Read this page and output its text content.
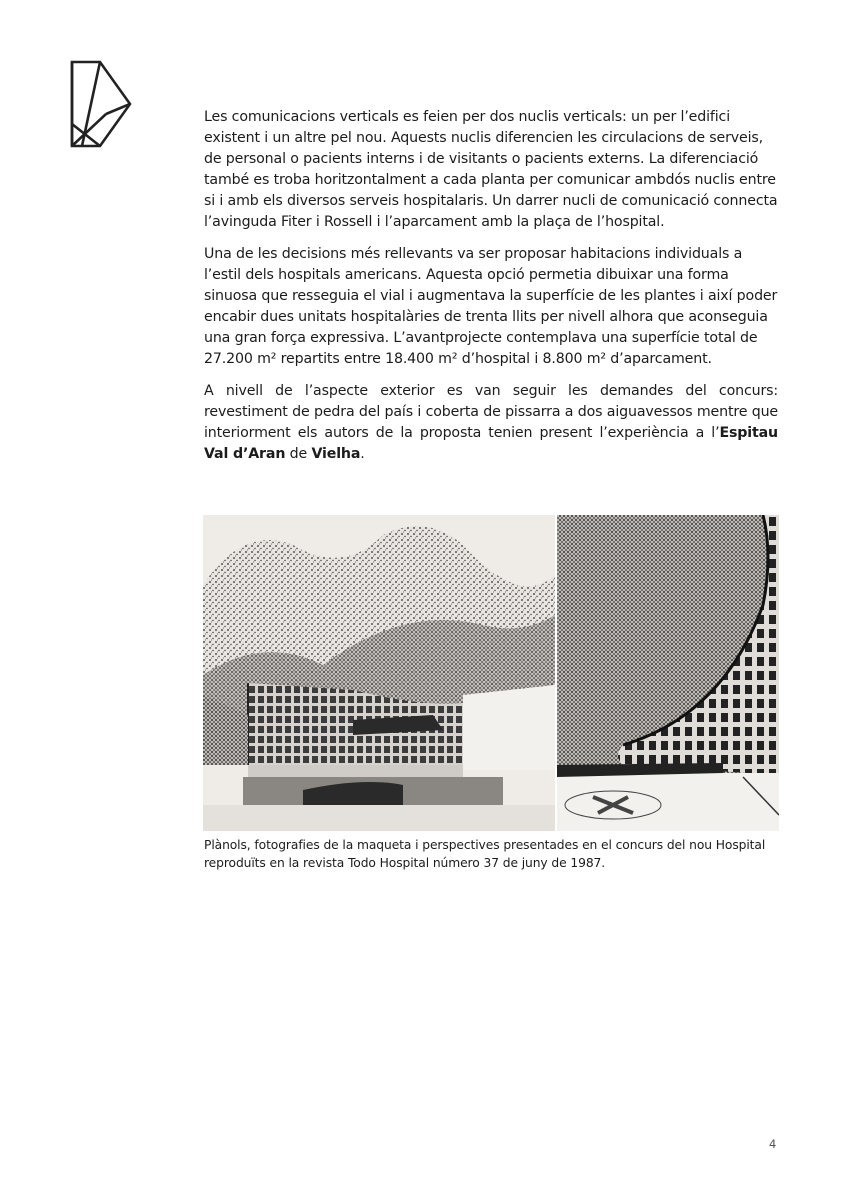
Les comunicacions verticals es feien per dos nuclis verticals: un per l’edifici existent i un altre pel nou. Aquests nuclis diferencien les circulacions de serveis, de personal o pacients interns i de visitants o pacients externs. La diferenciació també es troba horitzontalment a cada planta per comunicar ambdós nuclis entre si i amb els diversos serveis hospitalaris. Un darrer nucli de comunicació connecta l’avinguda Fiter i Rossell i l’aparcament amb la plaça de l’hospital.

Una de les decisions més rellevants va ser proposar habitacions individuals a l’estil dels hospitals americans. Aquesta opció permetia dibuixar una forma sinuosa que resseguia el vial i augmentava la superfície de les plantes i així poder encabir dues unitats hospitalàries de trenta llits per nivell alhora que aconseguia una gran força expressiva. L’avantprojecte contemplava una superfície total de 27.200 m² repartits entre 18.400 m² d’hospital i 8.800 m² d’aparcament.

A nivell de l’aspecte exterior es van seguir les demandes del concurs: revestiment de pedra del país i coberta de pissarra a dos aiguavessos mentre que interiorment els autors de la proposta tenien present l’experiència a l’Espitau Val d’Aran de Vielha.

Plànols, fotografies de la maqueta i perspectives presentades en el concurs del nou Hospital reproduïts en la revista Todo Hospital número 37 de juny de 1987.
4
